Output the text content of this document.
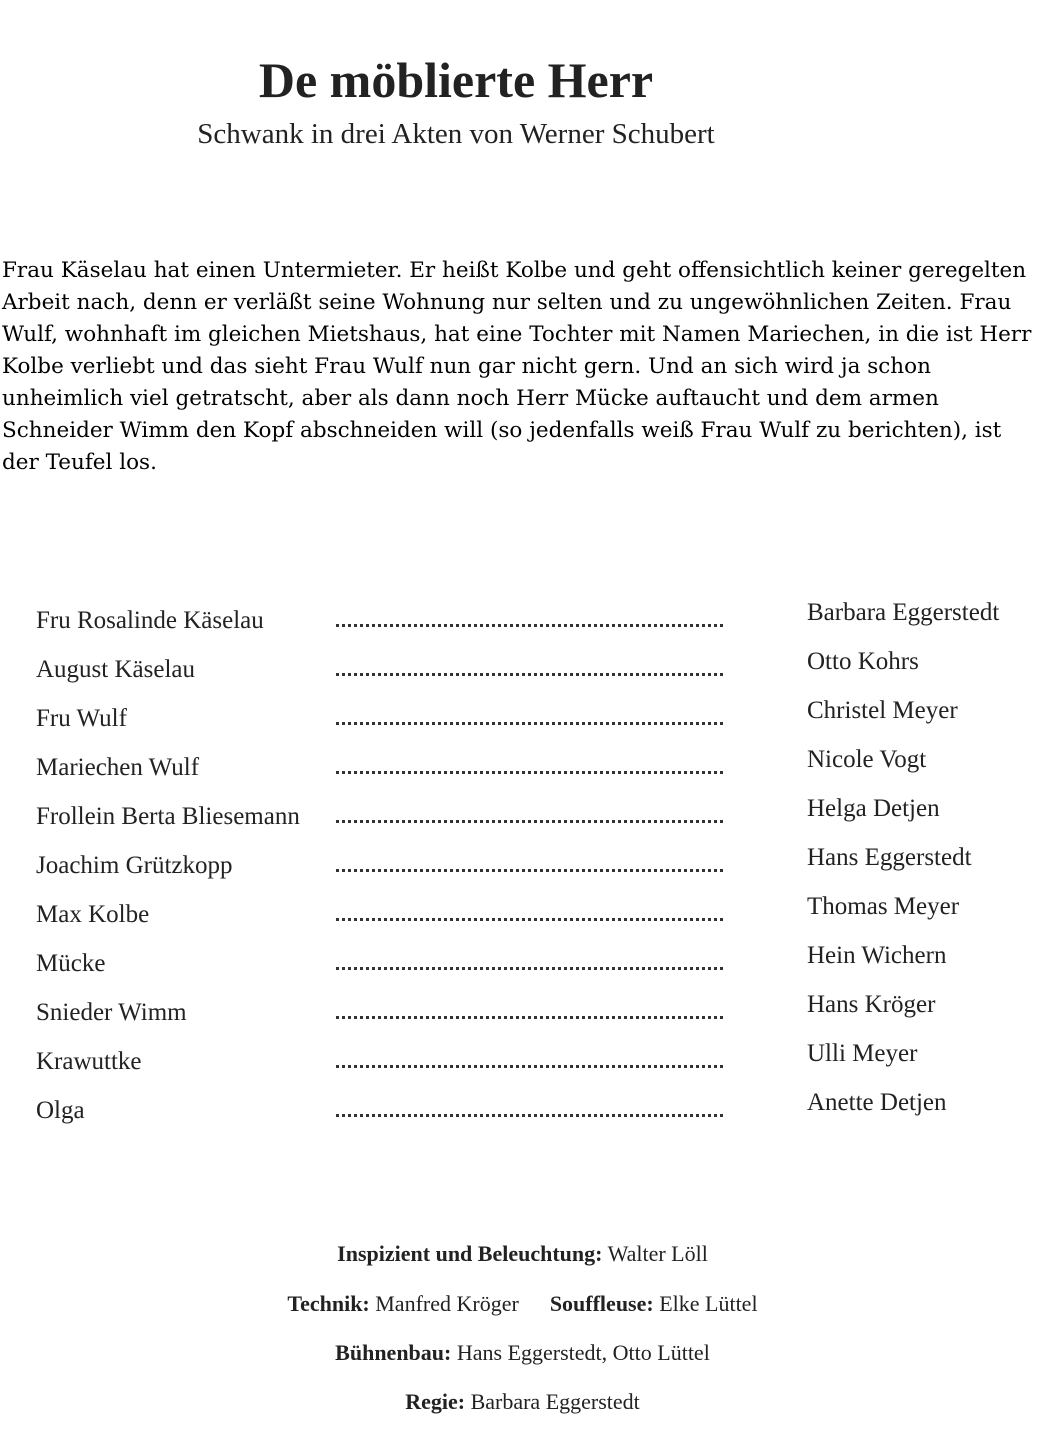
De möblierte Herr
Schwank in drei Akten von Werner Schubert

Frau Käselau hat einen Untermieter. Er heißt Kolbe und geht offensichtlich keiner geregelten Arbeit nach, denn er verläßt seine Wohnung nur selten und zu ungewöhnlichen Zeiten. Frau Wulf, wohnhaft im gleichen Mietshaus, hat eine Tochter mit Namen Mariechen, in die ist Herr Kolbe verliebt und das sieht Frau Wulf nun gar nicht gern. Und an sich wird ja schon unheimlich viel getratscht, aber als dann noch Herr Mücke auftaucht und dem armen Schneider Wimm den Kopf abschneiden will (so jedenfalls weiß Frau Wulf zu berichten), ist der Teufel los.

Fru Rosalinde Käselau	Barbara Eggerstedt
August Käselau	Otto Kohrs
Fru Wulf	Christel Meyer
Mariechen Wulf	Nicole Vogt
Frollein Berta Bliesemann	Helga Detjen
Joachim Grützkopp	Hans Eggerstedt
Max Kolbe	Thomas Meyer
Mücke	Hein Wichern
Snieder Wimm	Hans Kröger
Krawuttke	Ulli Meyer
Olga	Anette Detjen
Inspizient und Beleuchtung: Walter Löll
Technik: Manfred Kröger Souffleuse: Elke Lüttel
Bühnenbau: Hans Eggerstedt, Otto Lüttel
Regie: Barbara Eggerstedt
